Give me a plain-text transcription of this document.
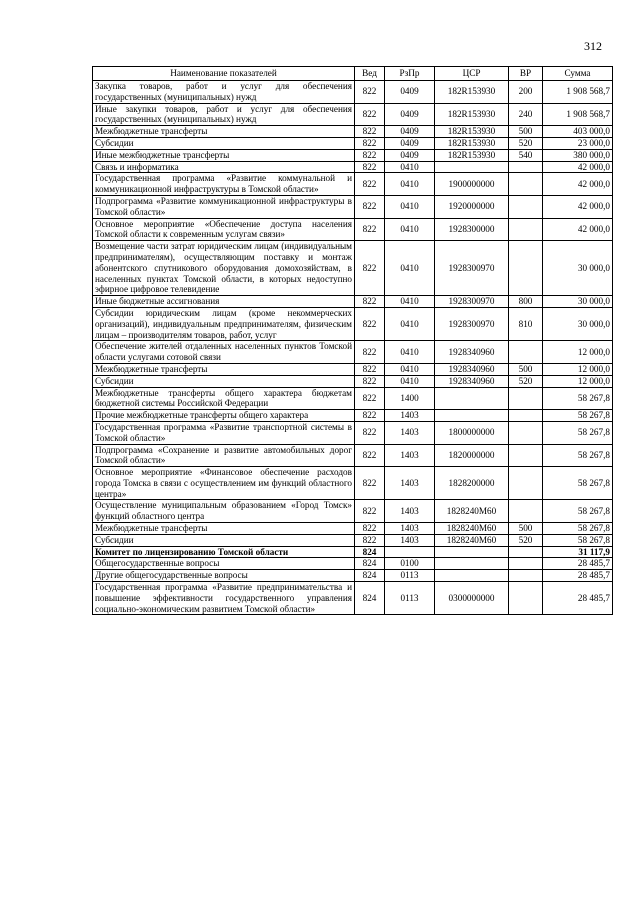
312
Наименование показателей	Вед	РзПр	ЦСР	ВР	Сумма
Закупка товаров, работ и услуг для обеспечения государственных (муниципальных) нужд	822	0409	182R153930	200	1 908 568,7
Иные закупки товаров, работ и услуг для обеспечения государственных (муниципальных) нужд	822	0409	182R153930	240	1 908 568,7
Межбюджетные трансферты	822	0409	182R153930	500	403 000,0
Субсидии	822	0409	182R153930	520	23 000,0
Иные межбюджетные трансферты	822	0409	182R153930	540	380 000,0
Связь и информатика	822	0410			42 000,0
Государственная программа «Развитие коммунальной и коммуникационной инфраструктуры в Томской области»	822	0410	1900000000		42 000,0
Подпрограмма «Развитие коммуникационной инфраструктуры в Томской области»	822	0410	1920000000		42 000,0
Основное мероприятие «Обеспечение доступа населения Томской области к современным услугам связи»	822	0410	1928300000		42 000,0
Возмещение части затрат юридическим лицам (индивидуальным предпринимателям), осуществляющим поставку и монтаж абонентского спутникового оборудования домохозяйствам, в населенных пунктах Томской области, в которых недоступно эфирное цифровое телевидение	822	0410	1928300970		30 000,0
Иные бюджетные ассигнования	822	0410	1928300970	800	30 000,0
Субсидии юридическим лицам (кроме некоммерческих организаций), индивидуальным предпринимателям, физическим лицам – производителям товаров, работ, услуг	822	0410	1928300970	810	30 000,0
Обеспечение жителей отдаленных населенных пунктов Томской области услугами сотовой связи	822	0410	1928340960		12 000,0
Межбюджетные трансферты	822	0410	1928340960	500	12 000,0
Субсидии	822	0410	1928340960	520	12 000,0
Межбюджетные трансферты общего характера бюджетам бюджетной системы Российской Федерации	822	1400			58 267,8
Прочие межбюджетные трансферты общего характера	822	1403			58 267,8
Государственная программа «Развитие транспортной системы в Томской области»	822	1403	1800000000		58 267,8
Подпрограмма «Сохранение и развитие автомобильных дорог Томской области»	822	1403	1820000000		58 267,8
Основное мероприятие «Финансовое обеспечение расходов города Томска в связи с осуществлением им функций областного центра»	822	1403	1828200000		58 267,8
Осуществление муниципальным образованием «Город Томск» функций областного центра	822	1403	1828240М60		58 267,8
Межбюджетные трансферты	822	1403	1828240М60	500	58 267,8
Субсидии	822	1403	1828240М60	520	58 267,8
Комитет по лицензированию Томской области	824				31 117,9
Общегосударственные вопросы	824	0100			28 485,7
Другие общегосударственные вопросы	824	0113			28 485,7
Государственная программа «Развитие предпринимательства и повышение эффективности государственного управления социально-экономическим развитием Томской области»	824	0113	0300000000		28 485,7
